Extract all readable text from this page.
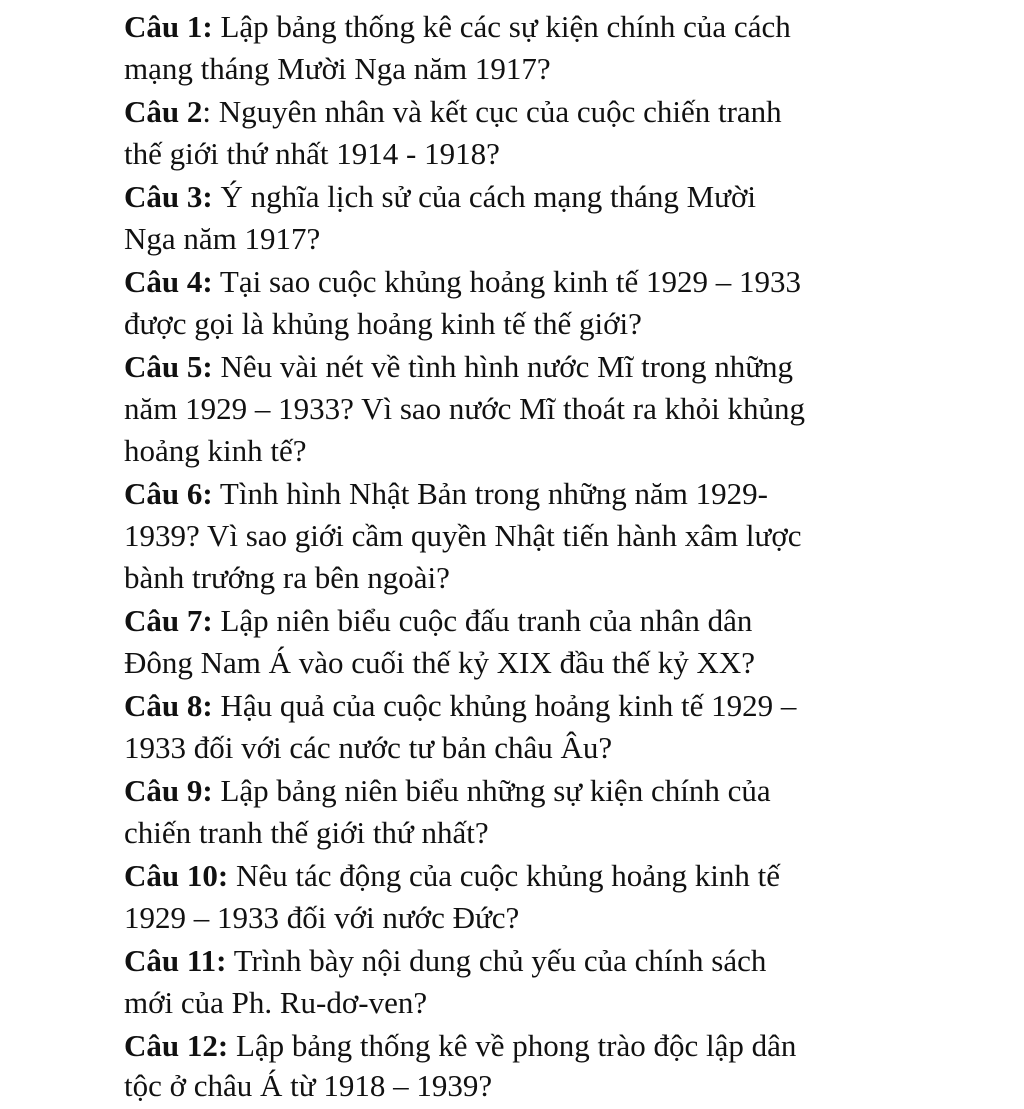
Câu 1: Lập bảng thống kê các sự kiện chính của cách
mạng tháng Mười Nga năm 1917?
Câu 2: Nguyên nhân và kết cục của cuộc chiến tranh
thế giới thứ nhất 1914 - 1918?
Câu 3: Ý nghĩa lịch sử của cách mạng tháng Mười
Nga năm 1917?
Câu 4: Tại sao cuộc khủng hoảng kinh tế 1929 – 1933
được gọi là khủng hoảng kinh tế thế giới?
Câu 5: Nêu vài nét về tình hình nước Mĩ trong những
năm 1929 – 1933? Vì sao nước Mĩ thoát ra khỏi khủng
hoảng kinh tế?
Câu 6: Tình hình Nhật Bản trong những năm 1929-
1939? Vì sao giới cầm quyền Nhật tiến hành xâm lược
bành trướng ra bên ngoài?
Câu 7: Lập niên biểu cuộc đấu tranh của nhân dân
Đông Nam Á vào cuối thế kỷ XIX đầu thế kỷ XX?
Câu 8: Hậu quả của cuộc khủng hoảng kinh tế 1929 –
1933 đối với các nước tư bản châu Âu?
Câu 9: Lập bảng niên biểu những sự kiện chính của
chiến tranh thế giới thứ nhất?
Câu 10: Nêu tác động của cuộc khủng hoảng kinh tế
1929 – 1933 đối với nước Đức?
Câu 11: Trình bày nội dung chủ yếu của chính sách
mới của Ph. Ru-dơ-ven?
Câu 12: Lập bảng thống kê về phong trào độc lập dân
tộc ở châu Á từ 1918 – 1939?
